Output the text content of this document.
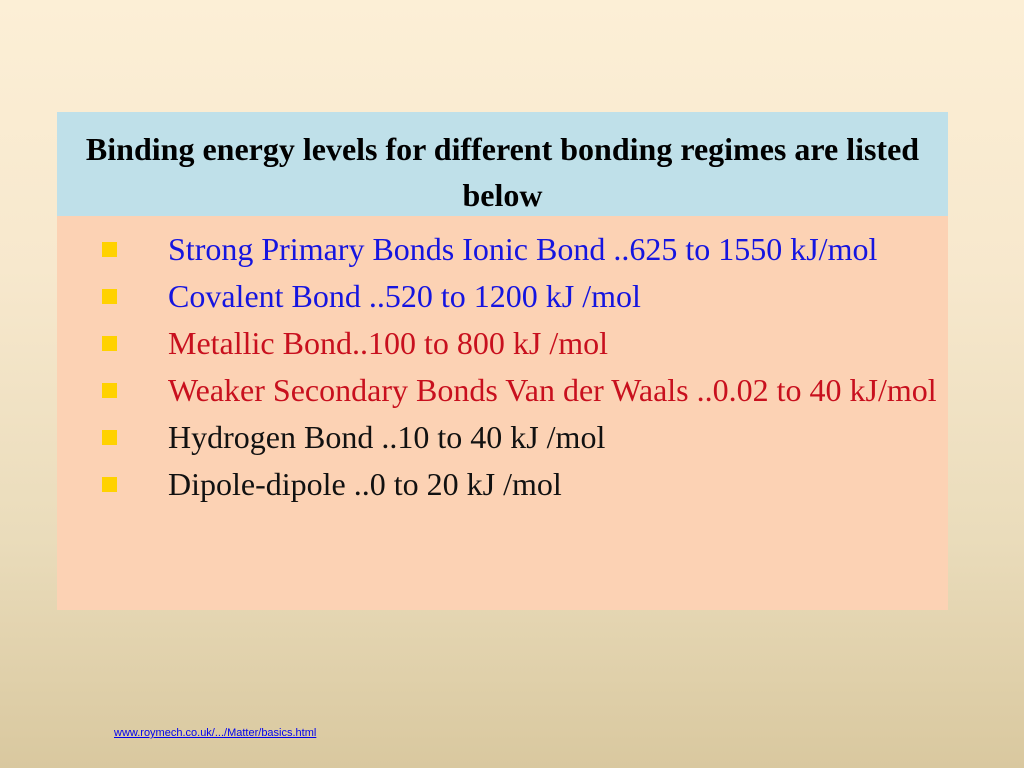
Binding energy levels for different bonding regimes are listed below
Strong Primary Bonds Ionic Bond ..625 to 1550 kJ/mol
Covalent Bond ..520 to 1200 kJ /mol
Metallic Bond..100 to 800 kJ /mol
Weaker Secondary Bonds Van der Waals ..0.02 to 40 kJ/mol
Hydrogen Bond ..10 to 40 kJ /mol
Dipole-dipole ..0 to 20 kJ /mol
www.roymech.co.uk/.../Matter/basics.html
